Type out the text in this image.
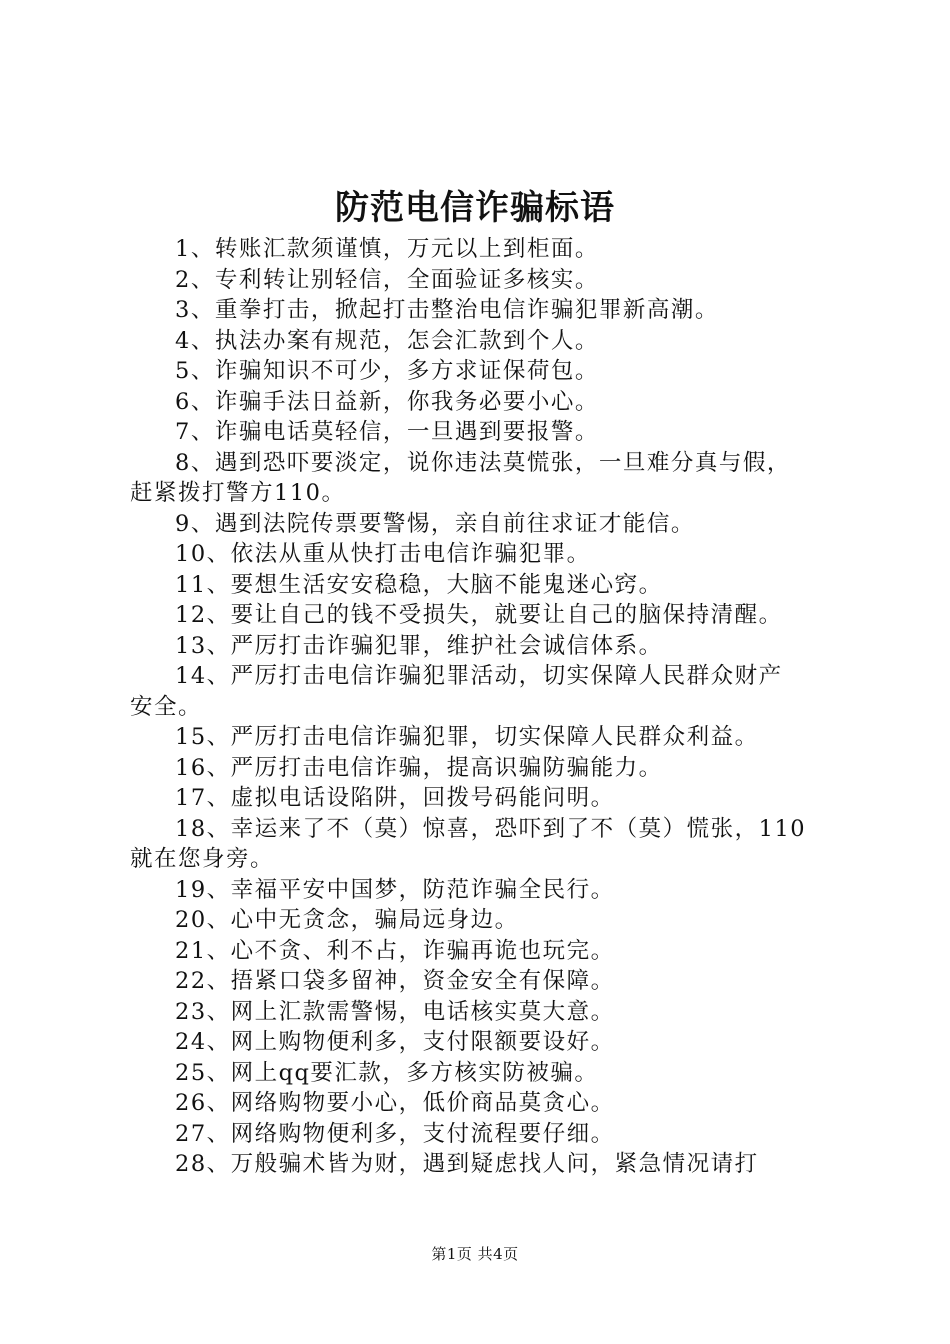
防范电信诈骗标语

1、转账汇款须谨慎，万元以上到柜面。

2、专利转让别轻信，全面验证多核实。

3、重拳打击，掀起打击整治电信诈骗犯罪新高潮。

4、执法办案有规范，怎会汇款到个人。

5、诈骗知识不可少，多方求证保荷包。

6、诈骗手法日益新，你我务必要小心。

7、诈骗电话莫轻信，一旦遇到要报警。

8、遇到恐吓要淡定，说你违法莫慌张，一旦难分真与假，

赶紧拨打警方110。

9、遇到法院传票要警惕，亲自前往求证才能信。

10、依法从重从快打击电信诈骗犯罪。

11、要想生活安安稳稳，大脑不能鬼迷心窍。

12、要让自己的钱不受损失，就要让自己的脑保持清醒。

13、严厉打击诈骗犯罪，维护社会诚信体系。

14、严厉打击电信诈骗犯罪活动，切实保障人民群众财产

安全。

15、严厉打击电信诈骗犯罪，切实保障人民群众利益。

16、严厉打击电信诈骗，提高识骗防骗能力。

17、虚拟电话设陷阱，回拨号码能问明。

18、幸运来了不（莫）惊喜，恐吓到了不（莫）慌张，110

就在您身旁。

19、幸福平安中国梦，防范诈骗全民行。

20、心中无贪念，骗局远身边。

21、心不贪、利不占，诈骗再诡也玩完。

22、捂紧口袋多留神，资金安全有保障。

23、网上汇款需警惕，电话核实莫大意。

24、网上购物便利多，支付限额要设好。

25、网上qq要汇款，多方核实防被骗。

26、网络购物要小心，低价商品莫贪心。

27、网络购物便利多，支付流程要仔细。

28、万般骗术皆为财，遇到疑虑找人问，紧急情况请打

第1页 共4页
